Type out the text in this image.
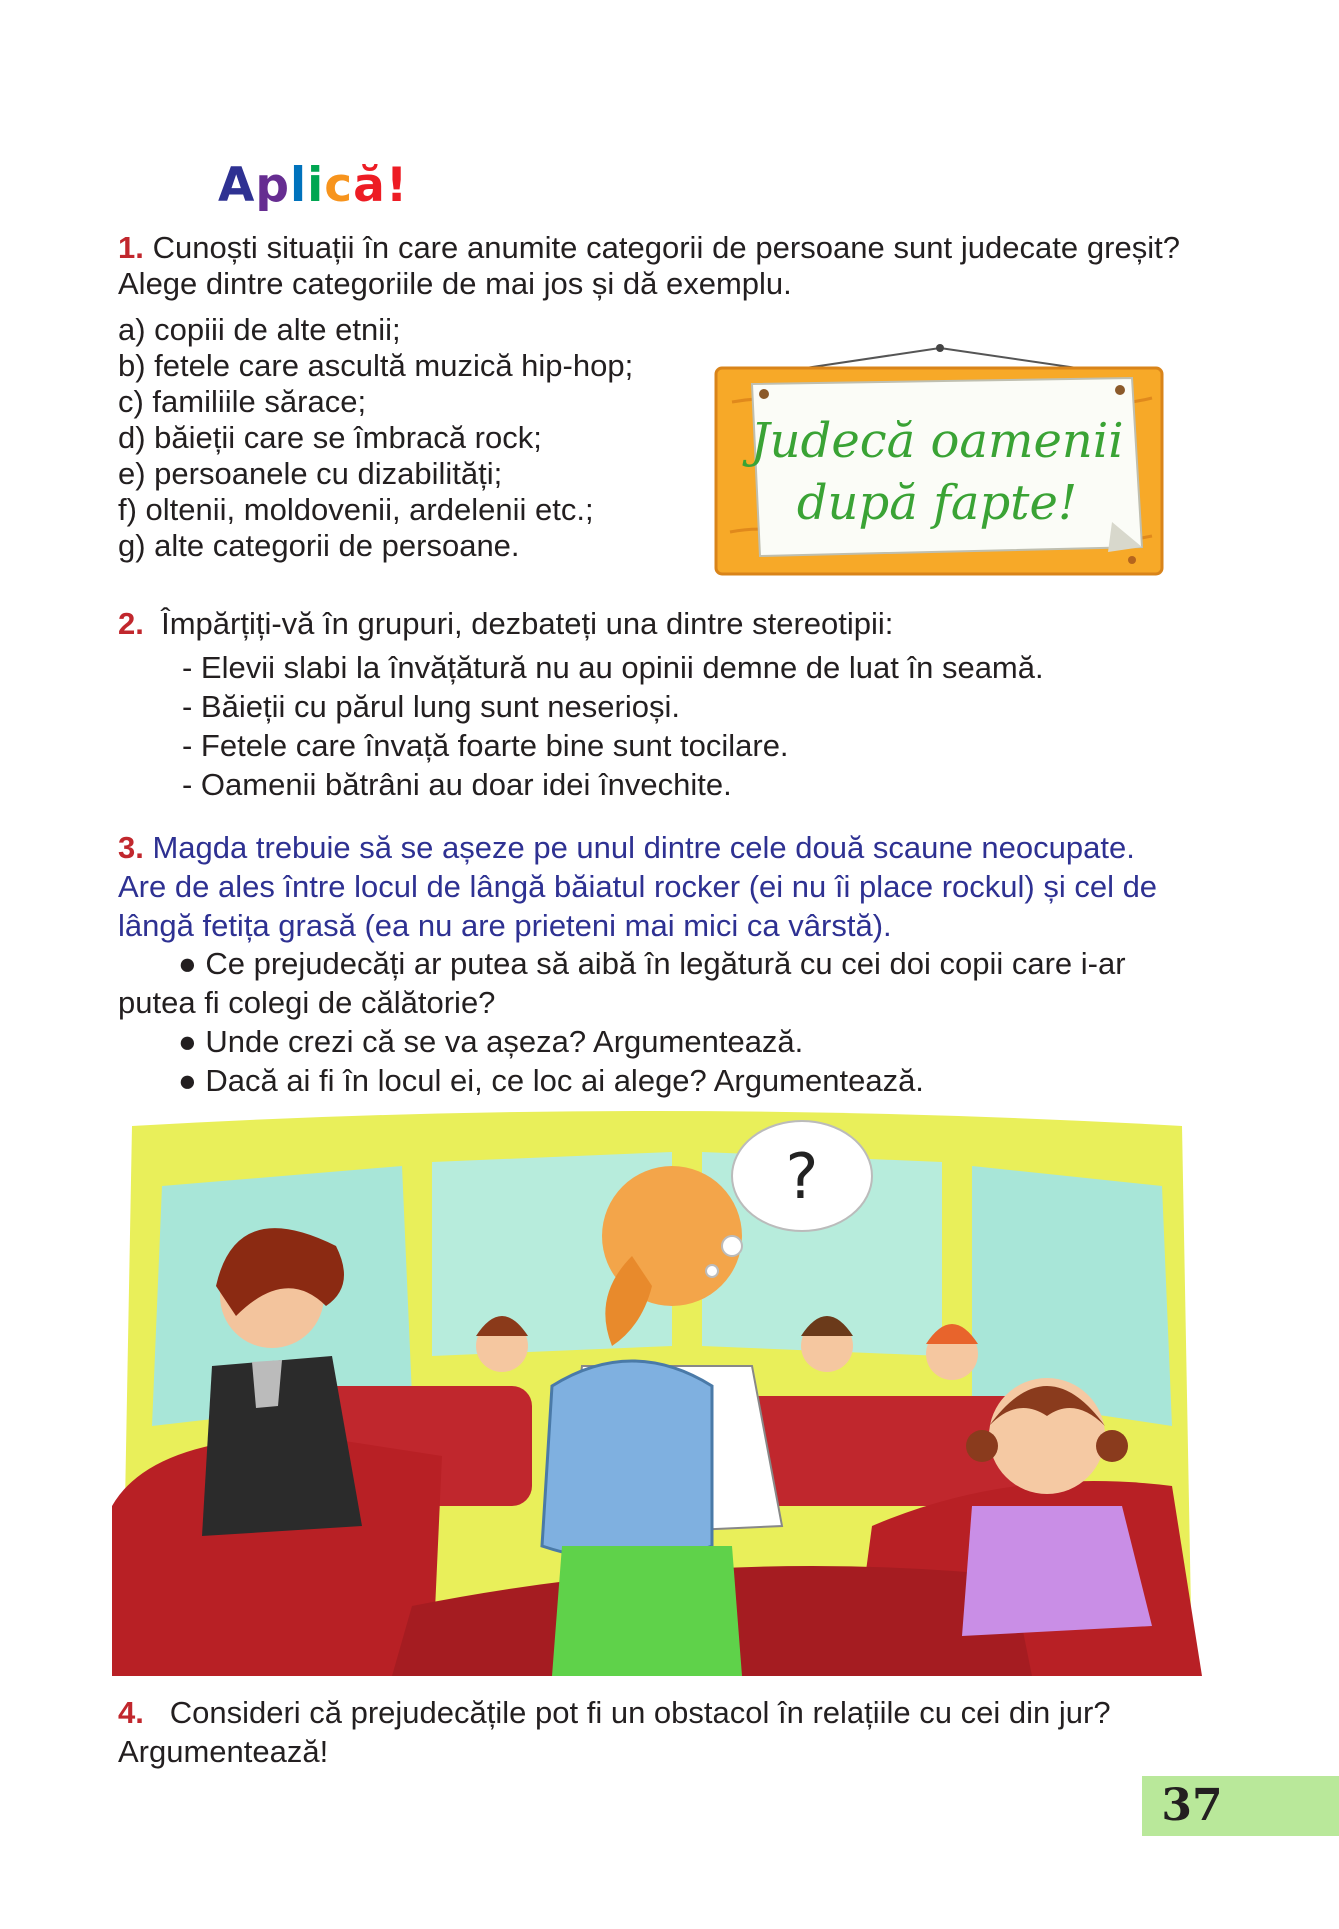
Aplică!
1. Cunoști situații în care anumite categorii de persoane sunt judecate greșit? Alege dintre categoriile de mai jos și dă exemplu.
a) copiii de alte etnii;
b) fetele care ascultă muzică hip-hop;
c) familiile sărace;
d) băieții care se îmbracă rock;
e) persoanele cu dizabilități;
f) oltenii, moldovenii, ardelenii etc.;
g) alte categorii de persoane.
Judecă oamenii
după fapte!
2. Împărțiți-vă în grupuri, dezbateți una dintre stereotipii:
- Elevii slabi la învățătură nu au opinii demne de luat în seamă.
- Băieții cu părul lung sunt neserioși.
- Fetele care învață foarte bine sunt tocilare.
- Oamenii bătrâni au doar idei învechite.
3. Magda trebuie să se așeze pe unul dintre cele două scaune neocupate. Are de ales între locul de lângă băiatul rocker (ei nu îi place rockul) și cel de lângă fetița grasă (ea nu are prieteni mai mici ca vârstă).
● Ce prejudecăți ar putea să aibă în legătură cu cei doi copii care i-ar putea fi colegi de călătorie?
● Unde crezi că se va așeza? Argumentează.
● Dacă ai fi în locul ei, ce loc ai alege? Argumentează.
?
4. Consideri că prejudecățile pot fi un obstacol în relațiile cu cei din jur? Argumentează!
37
